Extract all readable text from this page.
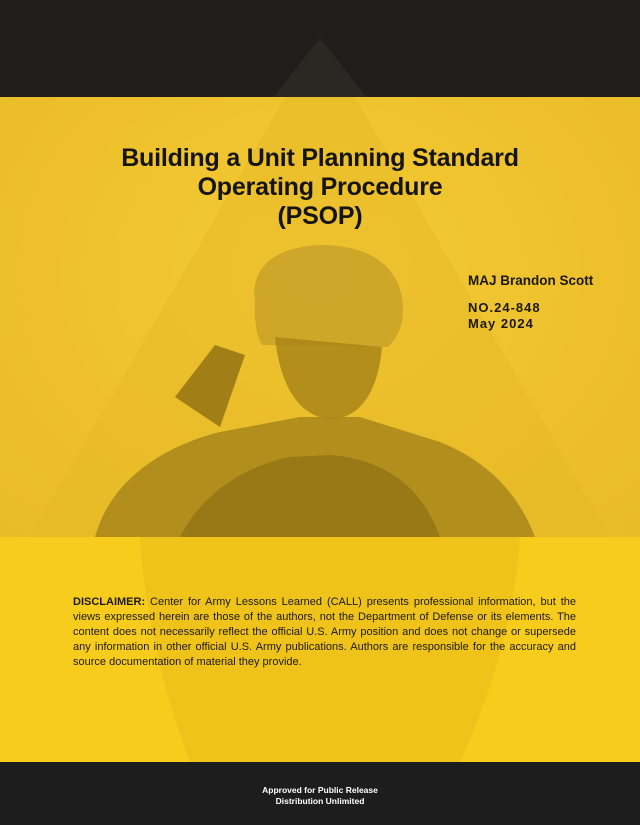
Building a Unit Planning Standard
Operating Procedure
(PSOP)
MAJ Brandon Scott
NO.24-848
May 2024

DISCLAIMER: Center for Army Lessons Learned (CALL) presents professional information, but the views expressed herein are those of the authors, not the Department of Defense or its elements. The content does not necessarily reflect the official U.S. Army position and does not change or supersede any information in other official U.S. Army publications. Authors are responsible for the accuracy and source documentation of material they provide.

Approved for Public Release
Distribution Unlimited
